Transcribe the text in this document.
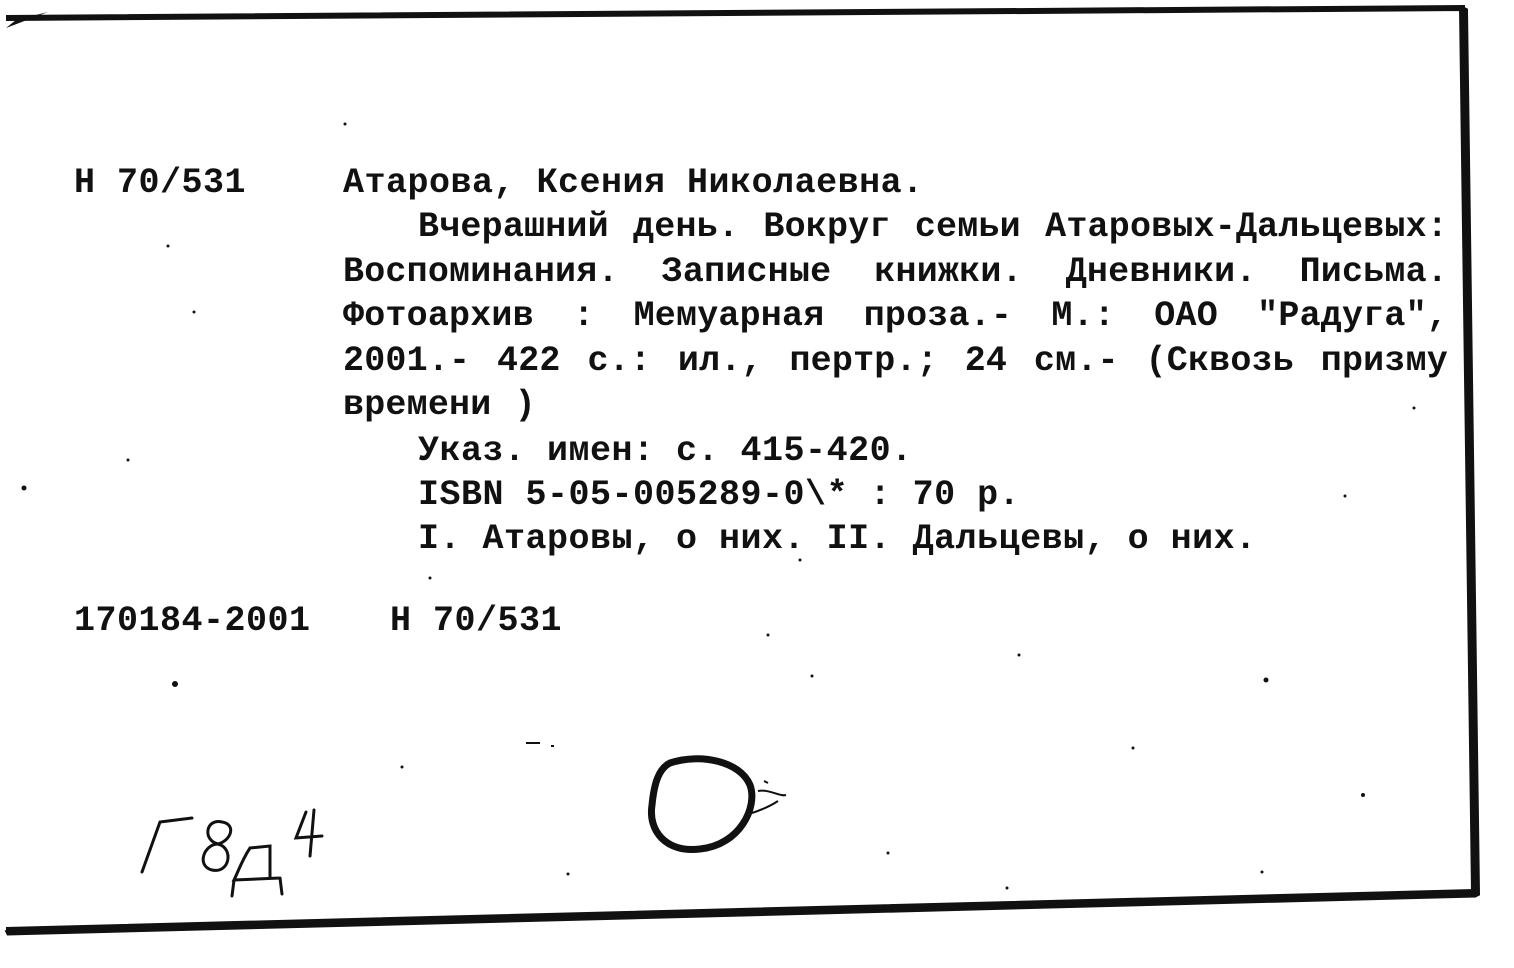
Н 70/531	Атарова, Ксения Николаевна.
Вчерашний день. Вокруг семьи Атаровых-Дальцевых: Воспоминания. Записные книжки. Дневники. Письма. Фотоархив : Мемуарная проза.- М.: ОАО "Радуга", 2001.- 422 с.: ил., пертр.; 24 см.- (Сквозь призму времени )
Указ. имен: с. 415-420.
ISBN 5-05-005289-0\* : 70 р.
I. Атаровы, о них. II. Дальцевы, о них.
170184-2001 Н 70/531
